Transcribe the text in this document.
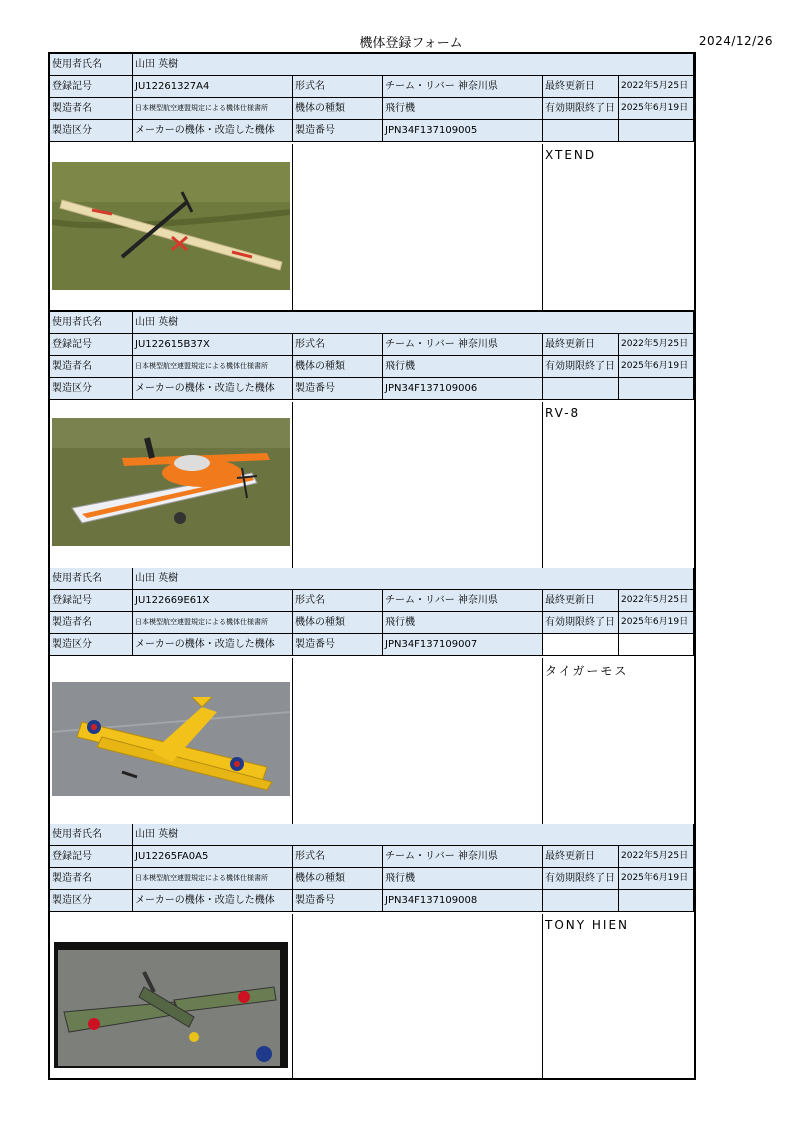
機体登録フォーム	2024/12/26
使用者氏名	山田 英樹
登録記号	JU12261327A4	形式名	チーム・リバー 神奈川県	最終更新日	2022年5月25日
製造者名	日本模型航空連盟規定による機体仕様書所	機体の種類	飛行機	有効期限終了日 2025年6月19日
製造区分	メーカーの機体・改造した機体	製造番号	JPN34F137109005
XTEND
使用者氏名	山田 英樹
登録記号	JU122615B37X	形式名	チーム・リバー 神奈川県	最終更新日	2022年5月25日
製造者名	日本模型航空連盟規定による機体仕様書所	機体の種類	飛行機	有効期限終了日 2025年6月19日
製造区分	メーカーの機体・改造した機体	製造番号	JPN34F137109006
RV-8
使用者氏名	山田 英樹
登録記号	JU122669E61X	形式名	チーム・リバー 神奈川県	最終更新日	2022年5月25日
製造者名	日本模型航空連盟規定による機体仕様書所	機体の種類	飛行機	有効期限終了日 2025年6月19日
製造区分	メーカーの機体・改造した機体	製造番号	JPN34F137109007
タイガーモス
使用者氏名	山田 英樹
登録記号	JU12265FA0A5	形式名	チーム・リバー 神奈川県	最終更新日	2022年5月25日
製造者名	日本模型航空連盟規定による機体仕様書所	機体の種類	飛行機	有効期限終了日 2025年6月19日
製造区分	メーカーの機体・改造した機体	製造番号	JPN34F137109008
TONY HIEN
